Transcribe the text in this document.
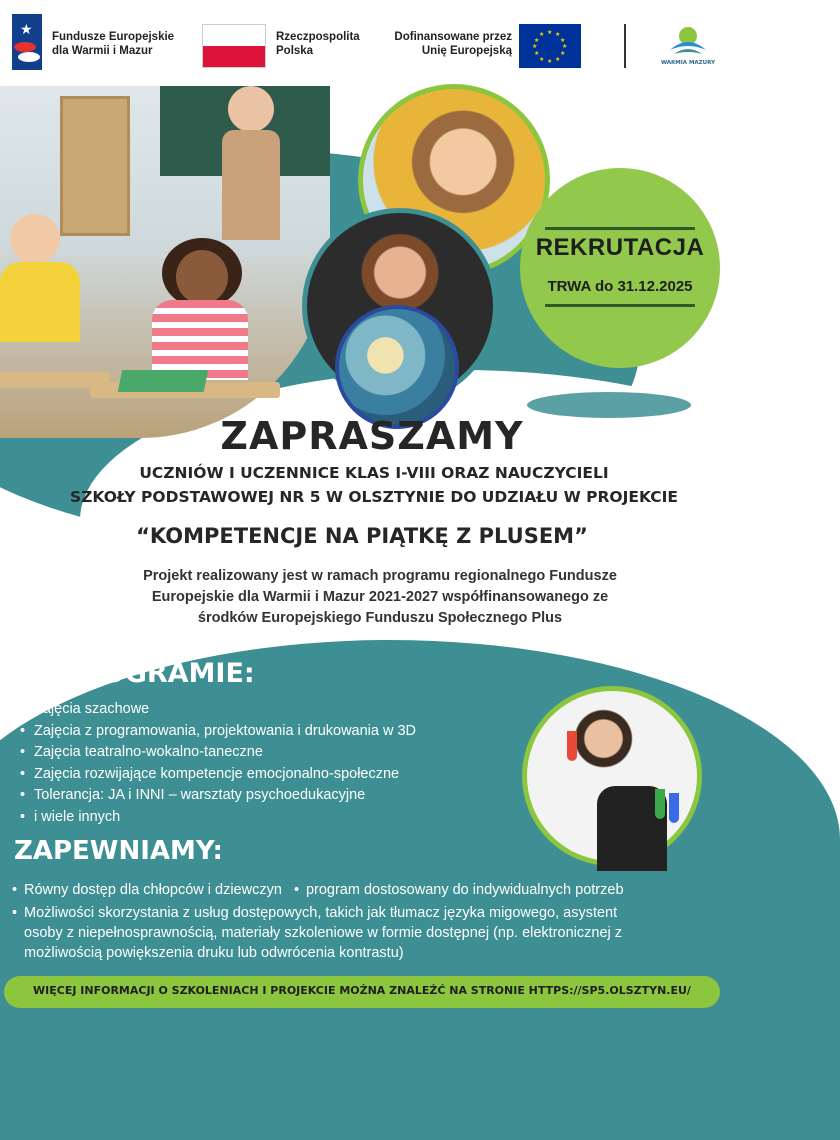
★ Fundusze Europejskie
dla Warmii i Mazur
Rzeczpospolita
Polska
Dofinansowane przez
Unię Europejską
★ ★
★
★
★
★
★
★
★
★
★
★
WARMIA MAZURY
REKRUTACJA
TRWA do 31.12.2025
ZAPRASZAMY
UCZNIÓW I UCZENNICE KLAS I-VIII ORAZ NAUCZYCIELI
SZKOŁY PODSTAWOWEJ NR 5 W OLSZTYNIE DO UDZIAŁU W PROJEKCIE
“KOMPETENCJE NA PIĄTKĘ Z PLUSEM”
Projekt realizowany jest w ramach programu regionalnego Fundusze
Europejskie dla Warmii i Mazur 2021-2027 współfinansowanego ze
środków Europejskiego Funduszu Społecznego Plus
W PROGRAMIE:
• Zajęcia szachowe
• Zajęcia z programowania, projektowania i drukowania w 3D
• Zajęcia teatralno-wokalno-taneczne
• Zajęcia rozwijające kompetencje emocjonalno-społeczne
• Tolerancja: JA i INNI – warsztaty psychoedukacyjne
• i wiele innych
ZAPEWNIAMY:
• Równy dostęp dla chłopców i dziewczyn • program dostosowany do indywidualnych potrzeb
• Możliwości skorzystania z usług dostępowych, takich jak tłumacz języka migowego, asystent
osoby z niepełnosprawnością, materiały szkoleniowe w formie dostępnej (np. elektronicznej z
możliwością powiększenia druku lub odwrócenia kontrastu)
WIĘCEJ INFORMACJI O SZKOLENIACH I PROJEKCIE MOŻNA ZNALEŹĆ NA STRONIE HTTPS://SP5.OLSZTYN.EU/
